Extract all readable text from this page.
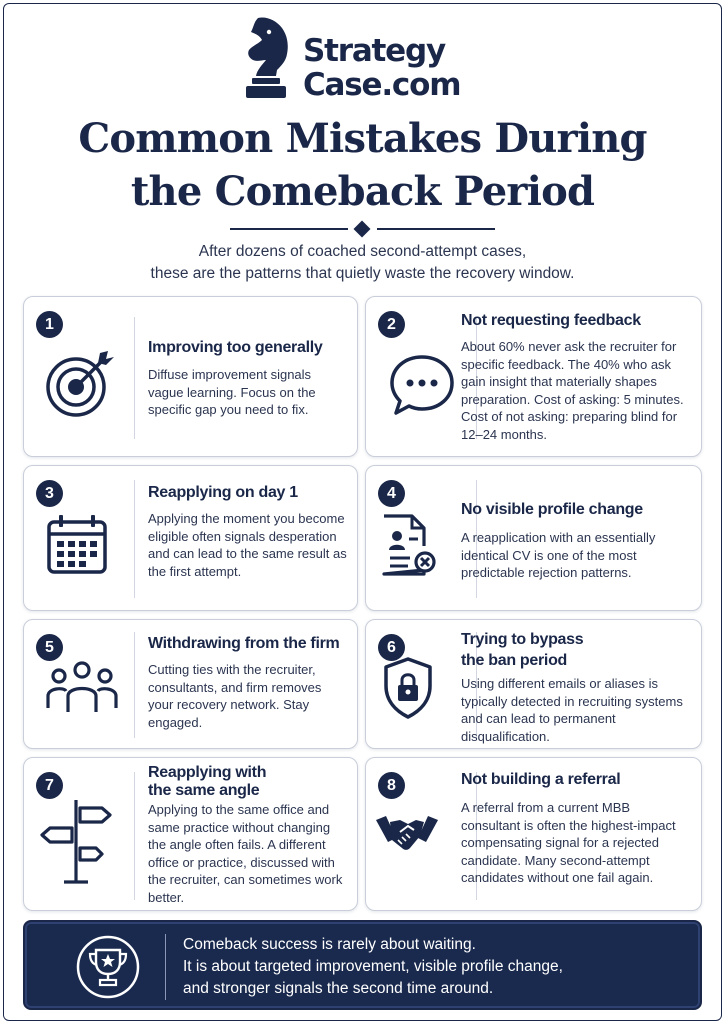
Strategy
Case.com
Common Mistakes During
the Comeback Period
After dozens of coached second-attempt cases,
these are the patterns that quietly waste the recovery window.
1
Improving too generally
Diffuse improvement signals vague learning. Focus on the specific gap you need to fix.
2	Not requesting feedback
About 60% never ask the recruiter for specific feedback. The 40% who ask gain insight that materially shapes preparation. Cost of asking: 5 minutes. Cost of not asking: preparing blind for 12–24 months.
3	Reapplying on day 1
Applying the moment you become eligible often signals desperation and can lead to the same result as the first attempt.
4
No visible profile change
A reapplication with an essentially identical CV is one of the most predictable rejection patterns.
5	Withdrawing from the firm
Cutting ties with the recruiter, consultants, and firm removes your recovery network. Stay engaged.
6	Trying to bypass
the ban period
Using different emails or aliases is typically detected in recruiting systems and can lead to permanent disqualification.
7
Reapplying with
the same angle
Applying to the same office and same practice without changing the angle often fails. A different office or practice, discussed with the recruiter, can sometimes work better.
8	Not building a referral
A referral from a current MBB consultant is often the highest-impact compensating signal for a rejected candidate. Many second-attempt candidates without one fail again.
Comeback success is rarely about waiting.
It is about targeted improvement, visible profile change,
and stronger signals the second time around.
